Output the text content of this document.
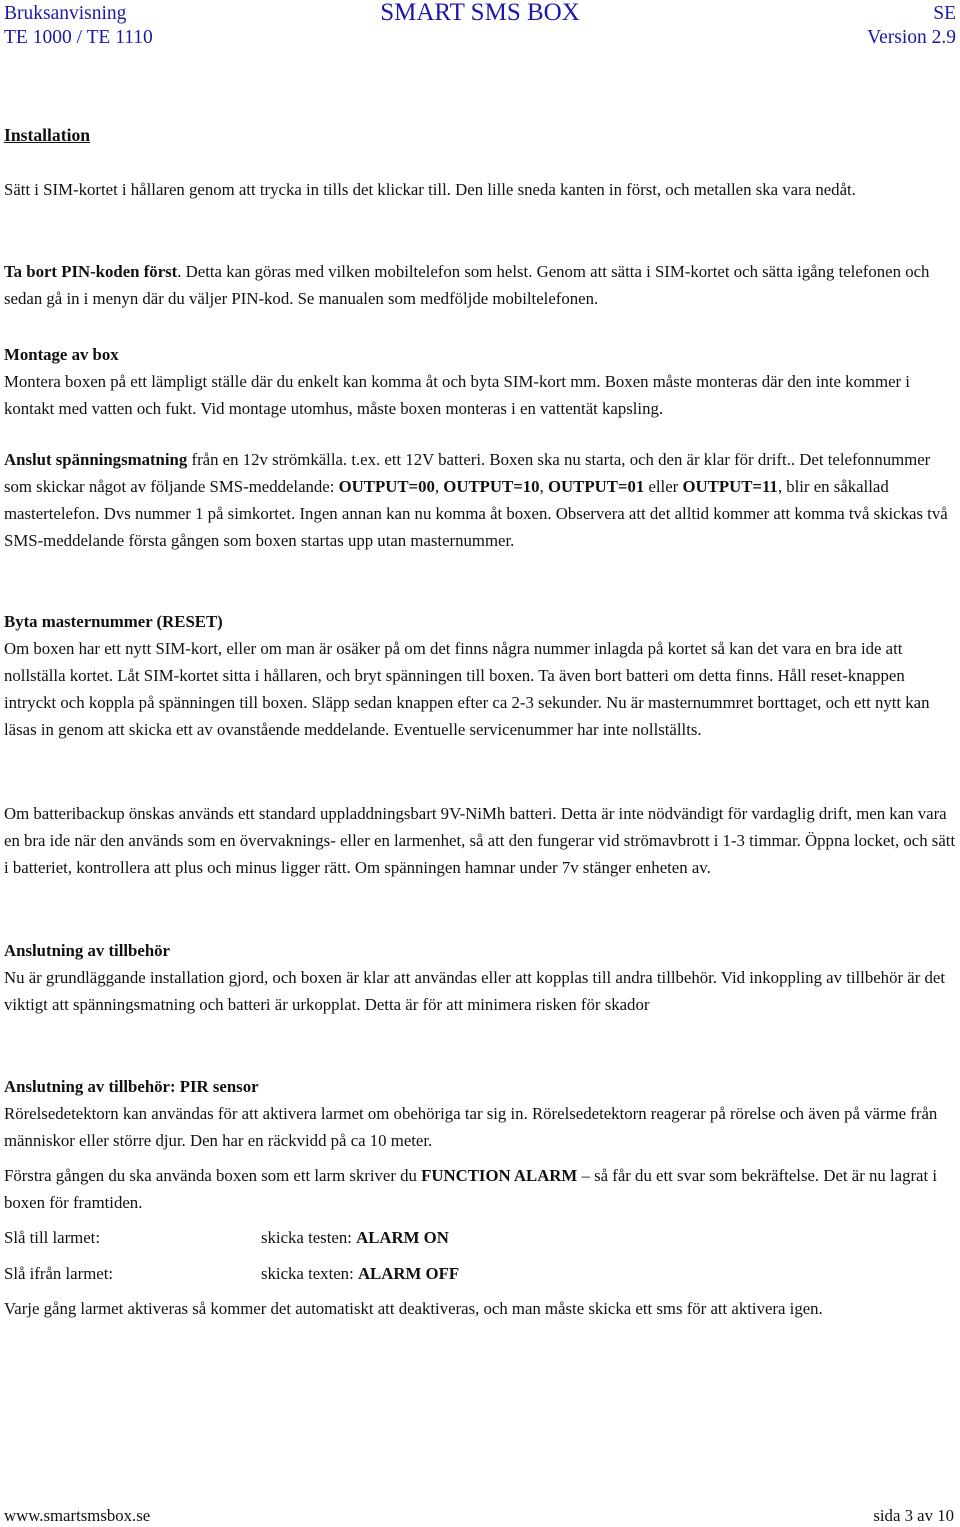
Bruksanvisning	SMART SMS BOX	SE
TE 1000 / TE 1110	Version 2.9
Installation
Sätt i SIM-kortet i hållaren genom att trycka in tills det klickar till. Den lille sneda kanten in först, och metallen ska vara nedåt.
Ta bort PIN-koden först. Detta kan göras med vilken mobiltelefon som helst. Genom att sätta i SIM-kortet och sätta igång telefonen och sedan gå in i menyn där du väljer PIN-kod. Se manualen som medföljde mobiltelefonen.
Montage av box
Montera boxen på ett lämpligt ställe där du enkelt kan komma åt och byta SIM-kort mm. Boxen måste monteras där den inte kommer i kontakt med vatten och fukt. Vid montage utomhus, måste boxen monteras i en vattentät kapsling.
Anslut spänningsmatning från en 12v strömkälla. t.ex. ett 12V batteri. Boxen ska nu starta, och den är klar för drift.. Det telefonnummer som skickar något av följande SMS-meddelande: OUTPUT=00, OUTPUT=10, OUTPUT=01 eller OUTPUT=11, blir en såkallad mastertelefon. Dvs nummer 1 på simkortet. Ingen annan kan nu komma åt boxen. Observera att det alltid kommer att komma två skickas två SMS-meddelande första gången som boxen startas upp utan masternummer.
Byta masternummer (RESET)
Om boxen har ett nytt SIM-kort, eller om man är osäker på om det finns några nummer inlagda på kortet så kan det vara en bra ide att nollställa kortet. Låt SIM-kortet sitta i hållaren, och bryt spänningen till boxen. Ta även bort batteri om detta finns. Håll reset-knappen intryckt och koppla på spänningen till boxen. Släpp sedan knappen efter ca 2-3 sekunder. Nu är masternummret borttaget, och ett nytt kan läsas in genom att skicka ett av ovanstående meddelande. Eventuelle servicenummer har inte nollställts.
Om batteribackup önskas används ett standard uppladdningsbart 9V-NiMh batteri. Detta är inte nödvändigt för vardaglig drift, men kan vara en bra ide när den används som en övervaknings- eller en larmenhet, så att den fungerar vid strömavbrott i 1-3 timmar. Öppna locket, och sätt i batteriet, kontrollera att plus och minus ligger rätt. Om spänningen hamnar under 7v stänger enheten av.
Anslutning av tillbehör
Nu är grundläggande installation gjord, och boxen är klar att användas eller att kopplas till andra tillbehör. Vid inkoppling av tillbehör är det viktigt att spänningsmatning och batteri är urkopplat. Detta är för att minimera risken för skador
Anslutning av tillbehör: PIR sensor
Rörelsedetektorn kan användas för att aktivera larmet om obehöriga tar sig in. Rörelsedetektorn reagerar på rörelse och även på värme från människor eller större djur. Den har en räckvidd på ca 10 meter.
Förstra gången du ska använda boxen som ett larm skriver du FUNCTION ALARM – så får du ett svar som bekräftelse. Det är nu lagrat i boxen för framtiden.
Slå till larmet:	skicka testen: ALARM ON
Slå ifrån larmet:	skicka texten: ALARM OFF
Varje gång larmet aktiveras så kommer det automatiskt att deaktiveras, och man måste skicka ett sms för att aktivera igen.
www.smartsmsbox.se	sida 3 av 10
